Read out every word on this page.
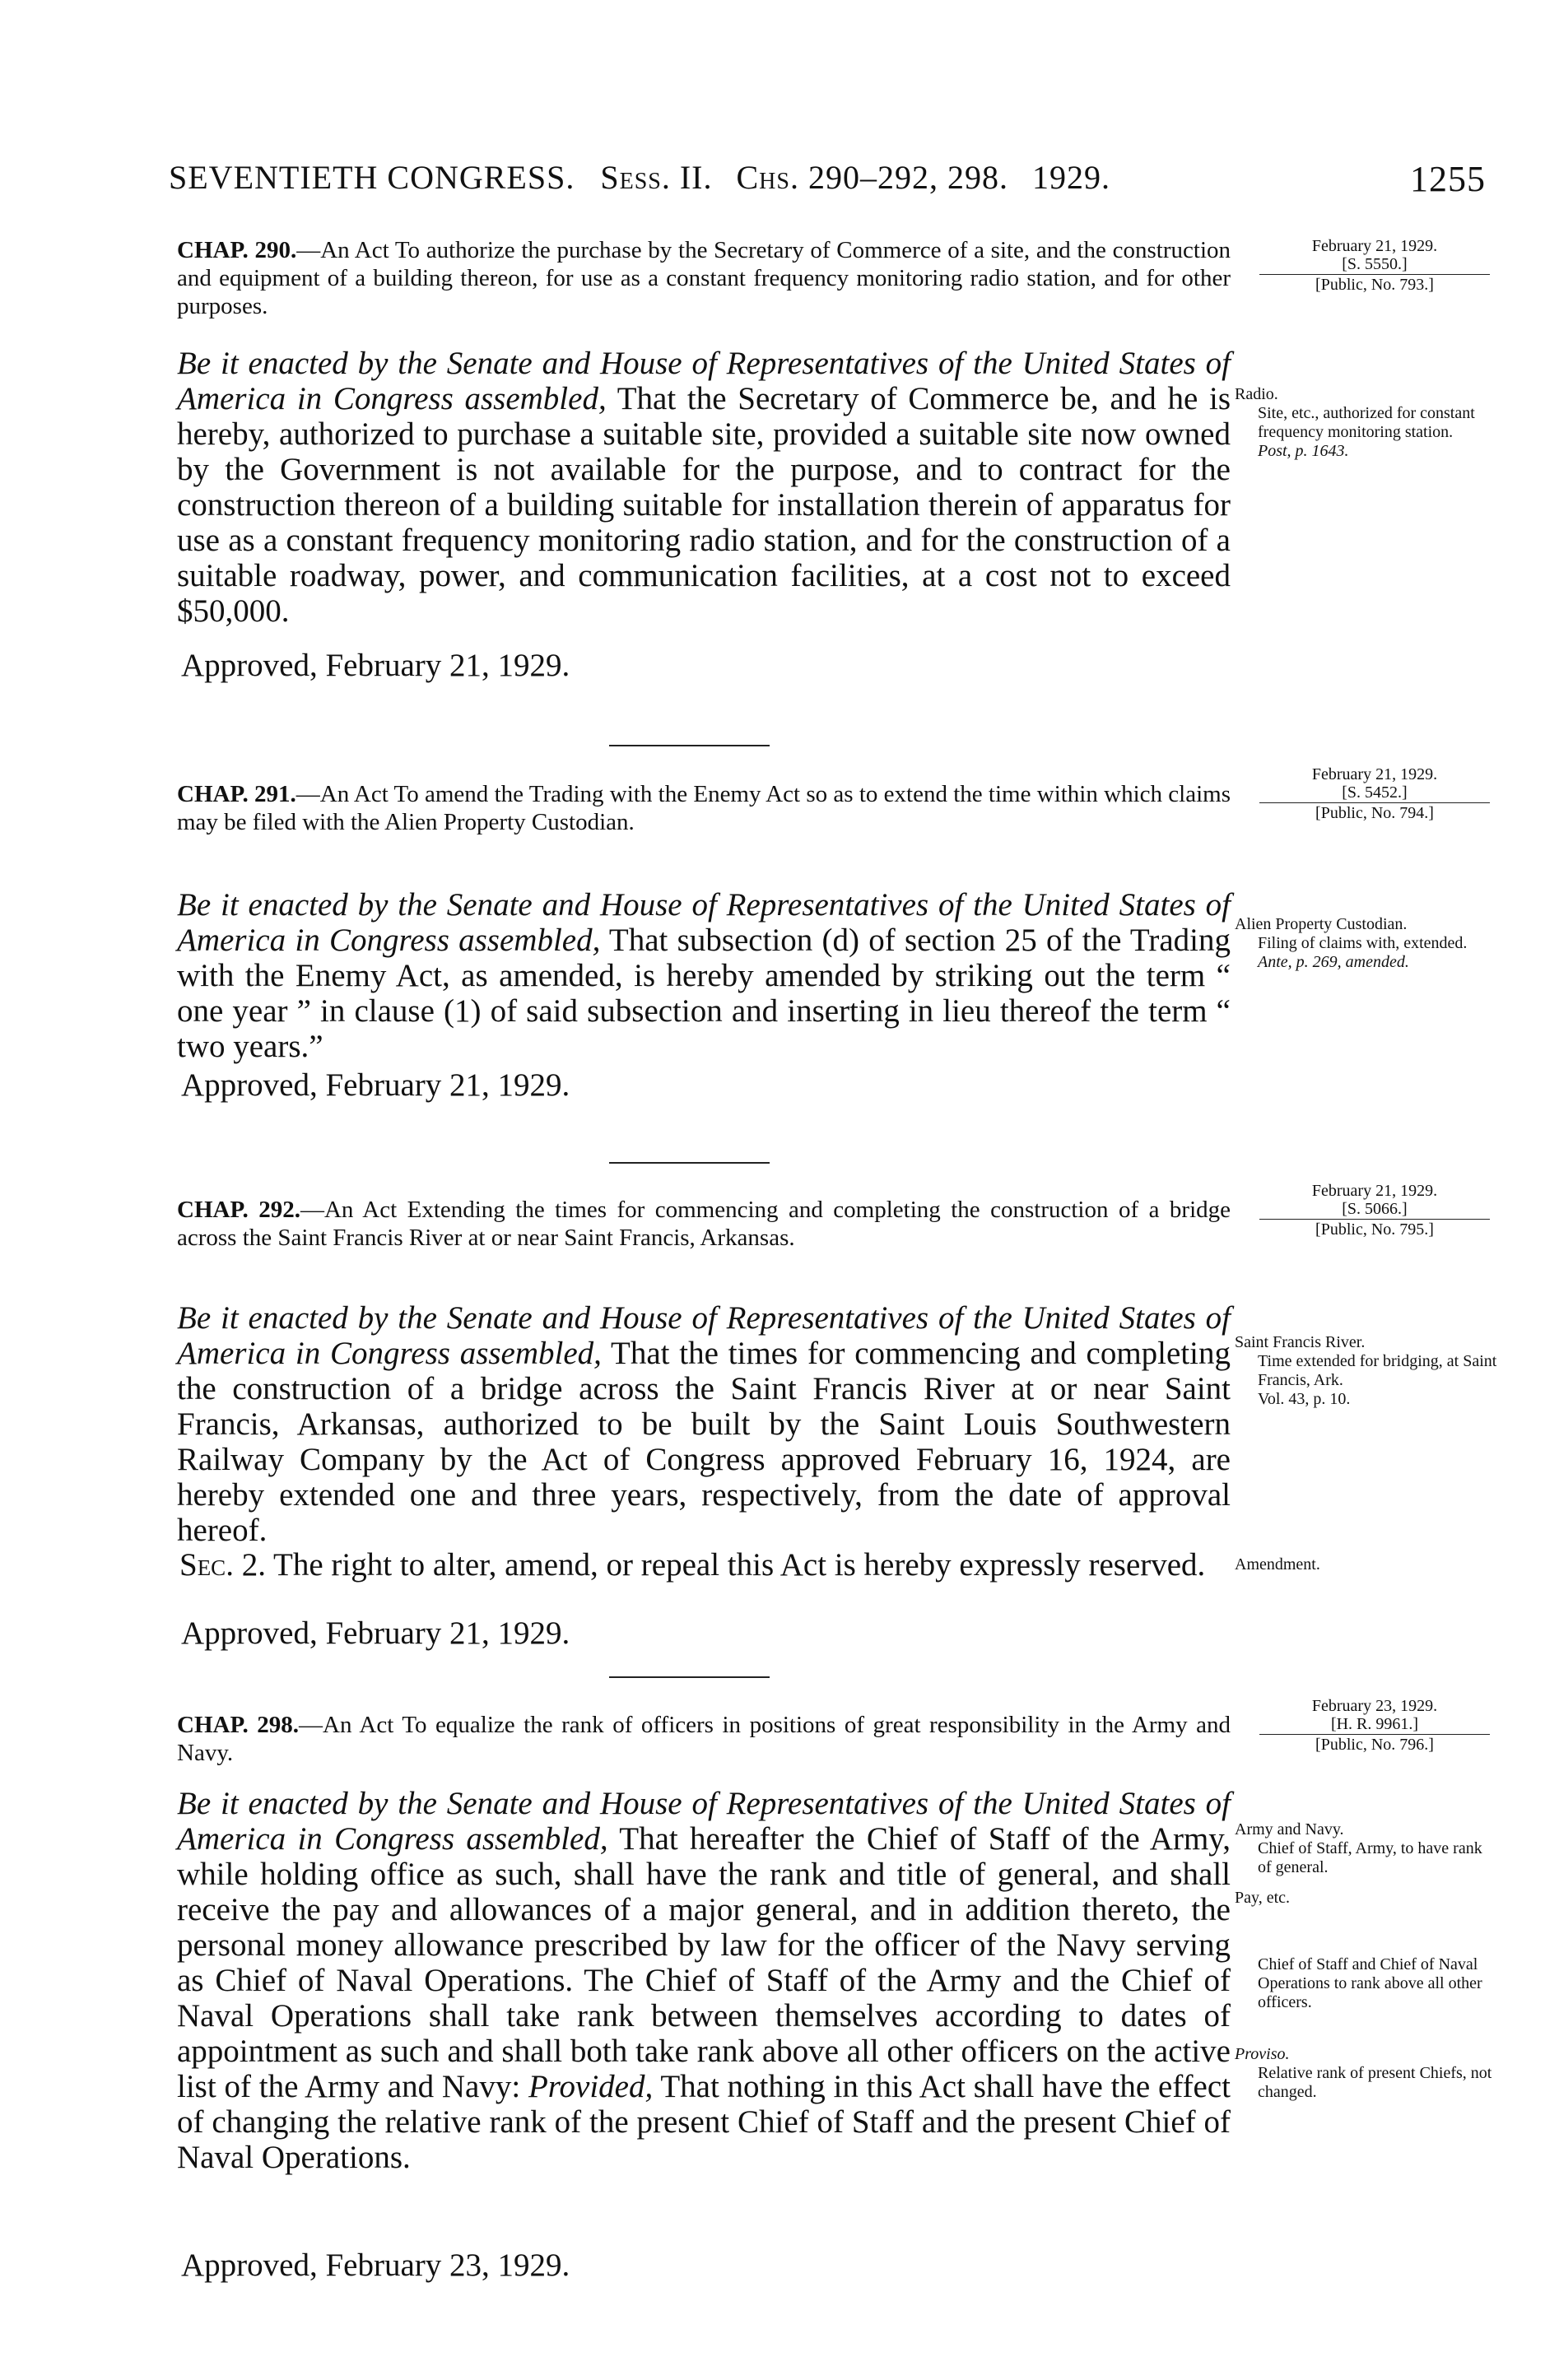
SEVENTIETH CONGRESS. Sess. II. Chs. 290–292, 298. 1929.	1255
CHAP. 290.—An Act To authorize the purchase by the Secretary of Commerce of a site, and the construction and equipment of a building thereon, for use as a constant frequency monitoring radio station, and for other purposes.
February 21, 1929.
[S. 5550.]
[Public, No. 793.]
Be it enacted by the Senate and House of Representatives of the United States of America in Congress assembled, That the Secretary of Commerce be, and he is hereby, authorized to purchase a suitable site, provided a suitable site now owned by the Government is not available for the purpose, and to contract for the construction thereon of a building suitable for installation therein of apparatus for use as a constant frequency monitoring radio station, and for the construction of a suitable roadway, power, and communication facilities, at a cost not to exceed $50,000.
Approved, February 21, 1929.

Radio.

Site, etc., authorized for constant frequency monitoring station.

Post, p. 1643.

CHAP. 291.—An Act To amend the Trading with the Enemy Act so as to extend the time within which claims may be filed with the Alien Property Custodian.
February 21, 1929.
[S. 5452.]
[Public, No. 794.]
Be it enacted by the Senate and House of Representatives of the United States of America in Congress assembled, That subsection (d) of section 25 of the Trading with the Enemy Act, as amended, is hereby amended by striking out the term “ one year ” in clause (1) of said subsection and inserting in lieu thereof the term “ two years.”
Approved, February 21, 1929.

Alien Property Custodian.

Filing of claims with, extended.

Ante, p. 269, amended.

CHAP. 292.—An Act Extending the times for commencing and completing the construction of a bridge across the Saint Francis River at or near Saint Francis, Arkansas.
February 21, 1929.
[S. 5066.]
[Public, No. 795.]
Be it enacted by the Senate and House of Representatives of the United States of America in Congress assembled, That the times for commencing and completing the construction of a bridge across the Saint Francis River at or near Saint Francis, Arkansas, authorized to be built by the Saint Louis Southwestern Railway Company by the Act of Congress approved February 16, 1924, are hereby extended one and three years, respectively, from the date of approval hereof.
Sec. 2. The right to alter, amend, or repeal this Act is hereby expressly reserved.
Approved, February 21, 1929.

Saint Francis River.

Time extended for bridging, at Saint Francis, Ark.

Vol. 43, p. 10.

Amendment.

CHAP. 298.—An Act To equalize the rank of officers in positions of great responsibility in the Army and Navy.
February 23, 1929.
[H. R. 9961.]
[Public, No. 796.]
Be it enacted by the Senate and House of Representatives of the United States of America in Congress assembled, That hereafter the Chief of Staff of the Army, while holding office as such, shall have the rank and title of general, and shall receive the pay and allowances of a major general, and in addition thereto, the personal money allowance prescribed by law for the officer of the Navy serving as Chief of Naval Operations. The Chief of Staff of the Army and the Chief of Naval Operations shall take rank between themselves according to dates of appointment as such and shall both take rank above all other officers on the active list of the Army and Navy: Provided, That nothing in this Act shall have the effect of changing the relative rank of the present Chief of Staff and the present Chief of Naval Operations.
Approved, February 23, 1929.

Army and Navy.

Chief of Staff, Army, to have rank of general.

Pay, etc.

Chief of Staff and Chief of Naval Operations to rank above all other officers.

Proviso.

Relative rank of present Chiefs, not changed.
